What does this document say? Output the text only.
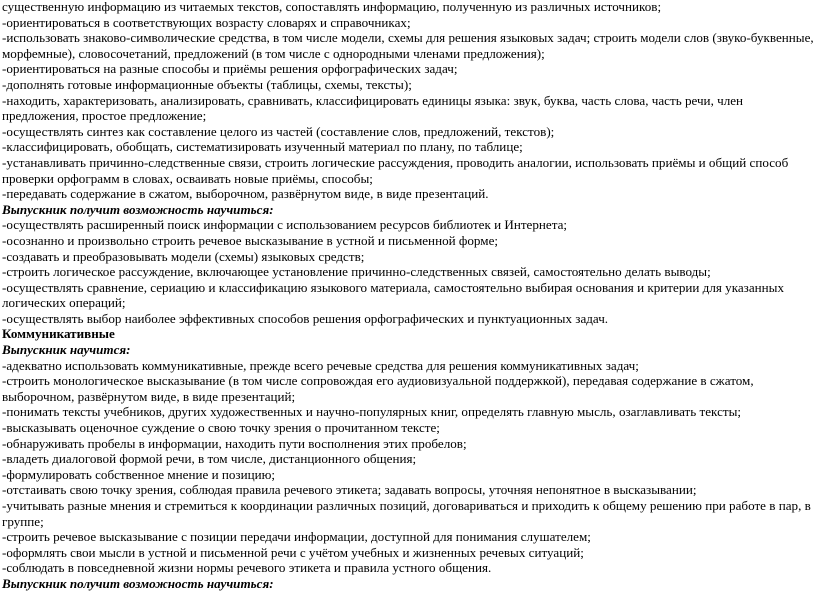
существенную информацию из читаемых текстов, сопоставлять информацию, полученную из различных источников;

-ориентироваться в соответствующих возрасту словарях и справочниках;

-использовать знаково-символические средства, в том числе модели, схемы для решения языковых задач; строить модели слов (звуко-буквенные, морфемные), словосочетаний, предложений (в том числе с однородными членами предложения);

-ориентироваться на разные способы и приёмы решения орфографических задач;

-дополнять готовые информационные объекты (таблицы, схемы, тексты);

-находить, характеризовать, анализировать, сравнивать, классифицировать единицы языка: звук, буква, часть слова, часть речи, член предложения, простое предложение;

-осуществлять синтез как составление целого из частей (составление слов, предложений, текстов);

-классифицировать, обобщать, систематизировать изученный материал по плану, по таблице;

-устанавливать причинно-следственные связи, строить логические рассуждения, проводить аналогии, использовать приёмы и общий способ проверки орфограмм в словах, осваивать новые приёмы, способы;

-передавать содержание в сжатом, выборочном, развёрнутом виде, в виде презентаций.

Выпускник получит возможность научиться:

-осуществлять расширенный поиск информации с использованием ресурсов библиотек и Интернета;

-осознанно и произвольно строить речевое высказывание в устной и письменной форме;

-создавать и преобразовывать модели (схемы) языковых средств;

-строить логическое рассуждение, включающее установление причинно-следственных связей, самостоятельно делать выводы;

-осуществлять сравнение, сериацию и классификацию языкового материала, самостоятельно выбирая основания и критерии для указанных логических операций;

-осуществлять выбор наиболее эффективных способов решения орфографических и пунктуационных задач.

Коммуникативные

Выпускник научится:

-адекватно использовать коммуникативные, прежде всего речевые средства для решения коммуникативных задач;

-строить монологическое высказывание (в том числе сопровождая его аудиовизуальной поддержкой), передавая содержание в сжатом, выборочном, развёрнутом виде, в виде презентаций;

-понимать тексты учебников, других художественных и научно-популярных книг, определять главную мысль, озаглавливать тексты;

-высказывать оценочное суждение о свою точку зрения о прочитанном тексте;

-обнаруживать пробелы в информации, находить пути восполнения этих пробелов;

-владеть диалоговой формой речи, в том числе, дистанционного общения;

-формулировать собственное мнение и позицию;

-отстаивать свою точку зрения, соблюдая правила речевого этикета; задавать вопросы, уточняя непонятное в высказывании;

-учитывать разные мнения и стремиться к координации различных позиций, договариваться и приходить к общему решению при работе в пар, в группе;

-строить речевое высказывание с позиции передачи информации, доступной для понимания слушателем;

-оформлять свои мысли в устной и письменной речи с учётом учебных и жизненных речевых ситуаций;

-соблюдать в повседневной жизни нормы речевого этикета и правила устного общения.

Выпускник получит возможность научиться:
